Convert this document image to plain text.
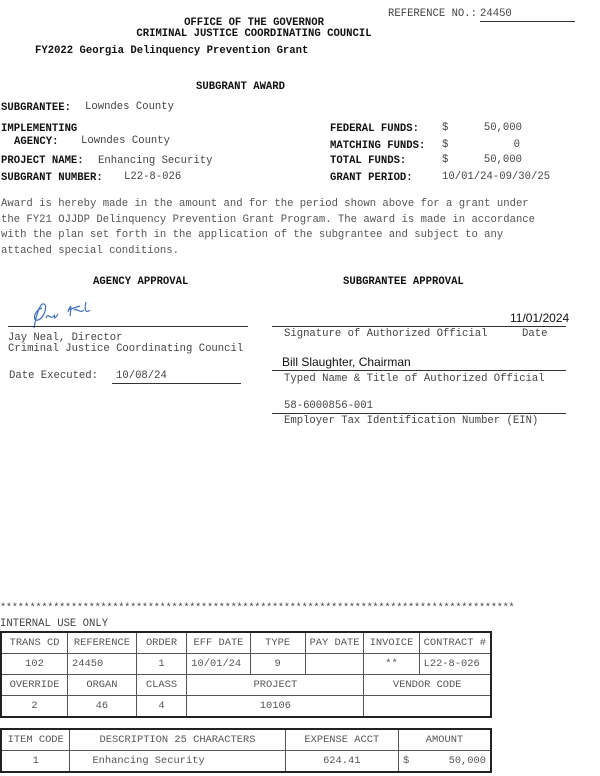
REFERENCE NO.: 24450
OFFICE OF THE GOVERNOR
CRIMINAL JUSTICE COORDINATING COUNCIL
FY2022 Georgia Delinquency Prevention Grant
SUBGRANT AWARD
SUBGRANTEE: Lowndes County
IMPLEMENTING
AGENCY: Lowndes County
PROJECT NAME: Enhancing Security
SUBGRANT NUMBER: L22-8-026
FEDERAL FUNDS: $	50,000
MATCHING FUNDS: $	0
TOTAL FUNDS:	$	50,000
GRANT PERIOD:	10/01/24-09/30/25
Award is hereby made in the amount and for the period shown above for a grant under
the FY21 OJJDP Delinquency Prevention Grant Program. The award is made in accordance
with the plan set forth in the application of the subgrantee and subject to any
attached special conditions.
AGENCY APPROVAL
Jay Neal, Director
Criminal Justice Coordinating Council
Date Executed:	10/08/24
SUBGRANTEE APPROVAL
11/01/2024
Signature of Authorized Official	Date
Bill Slaughter, Chairman
Typed Name & Title of Authorized Official
58-6000856-001
Employer Tax Identification Number (EIN)
***************************************************************************************
INTERNAL USE ONLY
TRANS CD	REFERENCE	ORDER	EFF DATE	TYPE	PAY DATE	INVOICE	CONTRACT #
102	24450	1	10/01/24	9		**	L22-8-026
OVERRIDE	ORGAN	CLASS	PROJECT			VENDOR CODE	
2	46	4	10106				
ITEM CODE	DESCRIPTION 25 CHARACTERS	EXPENSE ACCT	AMOUNT	
1	Enhancing Security	624.41	$	50,000
